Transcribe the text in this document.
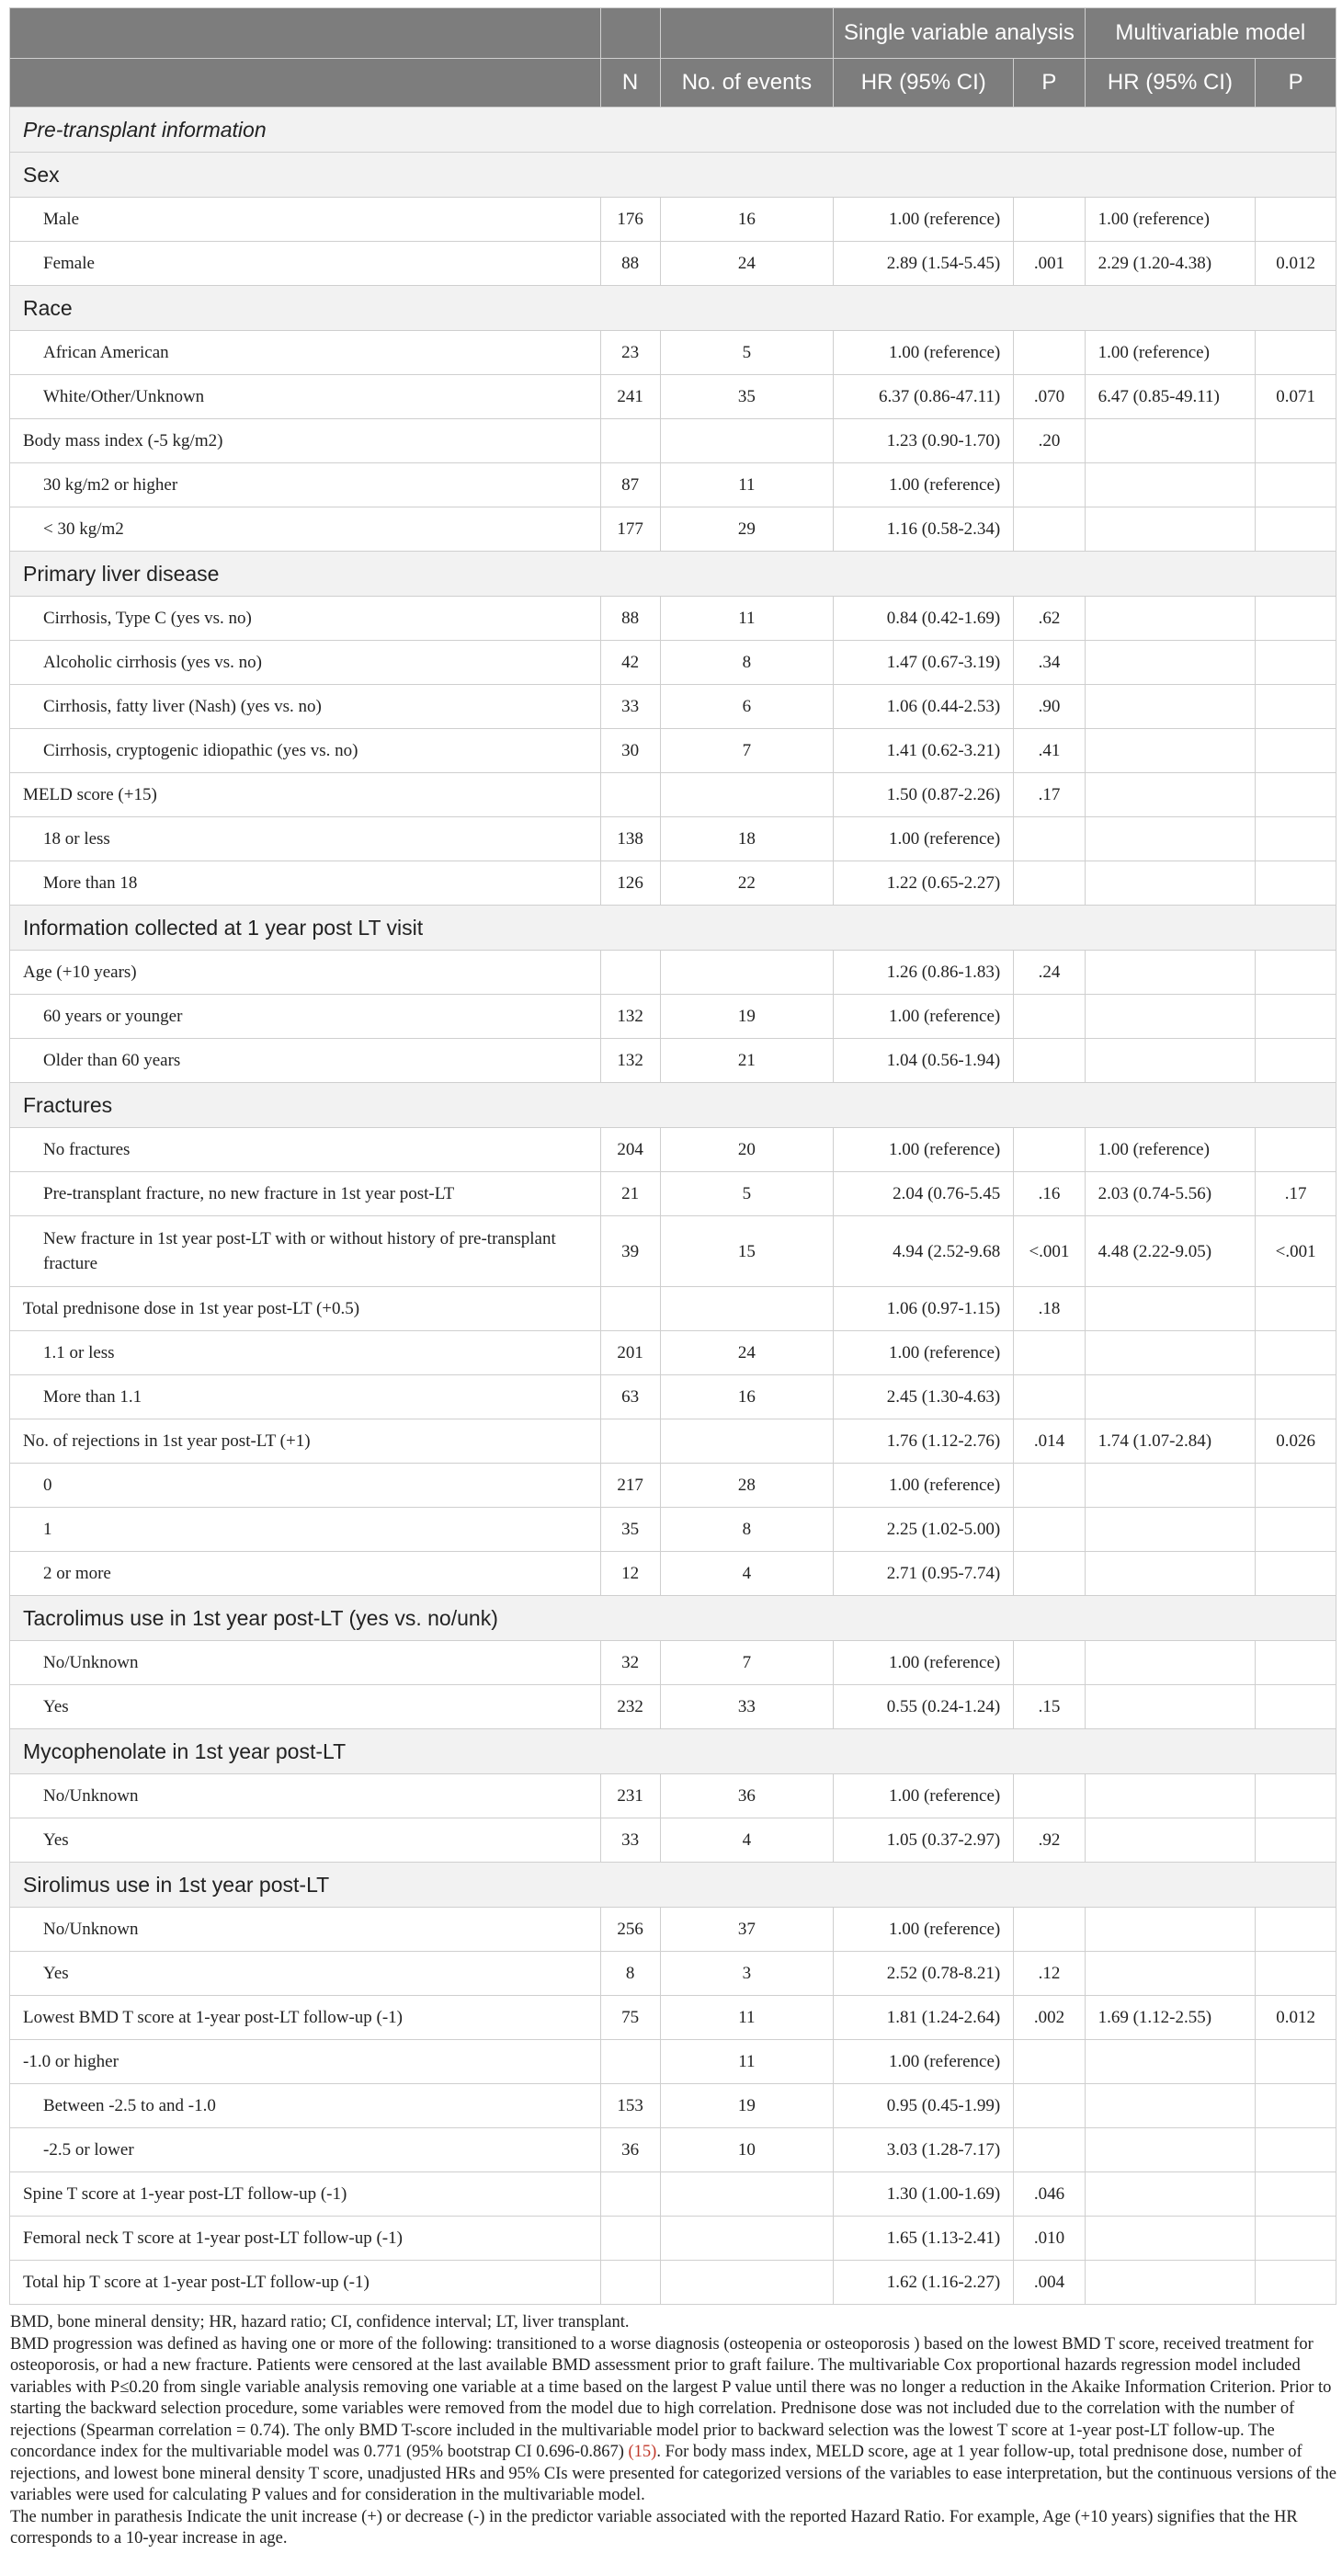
			Single variable analysis		Multivariable model	
	N	No. of events	HR (95% CI)	P	HR (95% CI)	P
Pre-transplant information						
Sex						
Male	176	16	1.00 (reference)		1.00 (reference)	
Female	88	24	2.89 (1.54-5.45)	.001	2.29 (1.20-4.38)	0.012
Race						
African American	23	5	1.00 (reference)		1.00 (reference)	
White/Other/Unknown	241	35	6.37 (0.86-47.11)	.070	6.47 (0.85-49.11)	0.071
Body mass index (-5 kg/m2)			1.23 (0.90-1.70)	.20		
30 kg/m2 or higher	87	11	1.00 (reference)			
< 30 kg/m2	177	29	1.16 (0.58-2.34)			
Primary liver disease						
Cirrhosis, Type C (yes vs. no)	88	11	0.84 (0.42-1.69)	.62		
Alcoholic cirrhosis (yes vs. no)	42	8	1.47 (0.67-3.19)	.34		
Cirrhosis, fatty liver (Nash) (yes vs. no)	33	6	1.06 (0.44-2.53)	.90		
Cirrhosis, cryptogenic idiopathic (yes vs. no)	30	7	1.41 (0.62-3.21)	.41		
MELD score (+15)			1.50 (0.87-2.26)	.17		
18 or less	138	18	1.00 (reference)			
More than 18	126	22	1.22 (0.65-2.27)			
Information collected at 1 year post LT visit						
Age (+10 years)			1.26 (0.86-1.83)	.24		
60 years or younger	132	19	1.00 (reference)			
Older than 60 years	132	21	1.04 (0.56-1.94)			
Fractures						
No fractures	204	20	1.00 (reference)		1.00 (reference)	
Pre-transplant fracture, no new fracture in 1st year post-LT	21	5	2.04 (0.76-5.45	.16	2.03 (0.74-5.56)	.17
New fracture in 1st year post-LT with or without history of pre-transplant fracture	39	15	4.94 (2.52-9.68	<.001	4.48 (2.22-9.05)	<.001
Total prednisone dose in 1st year post-LT (+0.5)			1.06 (0.97-1.15)	.18		
1.1 or less	201	24	1.00 (reference)			
More than 1.1	63	16	2.45 (1.30-4.63)			
No. of rejections in 1st year post-LT (+1)			1.76 (1.12-2.76)	.014	1.74 (1.07-2.84)	0.026
0	217	28	1.00 (reference)			
1	35	8	2.25 (1.02-5.00)			
2 or more	12	4	2.71 (0.95-7.74)			
Tacrolimus use in 1st year post-LT (yes vs. no/unk)						
No/Unknown	32	7	1.00 (reference)			
Yes	232	33	0.55 (0.24-1.24)	.15		
Mycophenolate in 1st year post-LT						
No/Unknown	231	36	1.00 (reference)			
Yes	33	4	1.05 (0.37-2.97)	.92		
Sirolimus use in 1st year post-LT						
No/Unknown	256	37	1.00 (reference)			
Yes	8	3	2.52 (0.78-8.21)	.12		
Lowest BMD T score at 1-year post-LT follow-up (-1)	75	11	1.81 (1.24-2.64)	.002	1.69 (1.12-2.55)	0.012
-1.0 or higher		11	1.00 (reference)			
Between -2.5 to and -1.0	153	19	0.95 (0.45-1.99)			
-2.5 or lower	36	10	3.03 (1.28-7.17)			
Spine T score at 1-year post-LT follow-up (-1)			1.30 (1.00-1.69)	.046		
Femoral neck T score at 1-year post-LT follow-up (-1)			1.65 (1.13-2.41)	.010		
Total hip T score at 1-year post-LT follow-up (-1)			1.62 (1.16-2.27)	.004		

BMD, bone mineral density; HR, hazard ratio; CI, confidence interval; LT, liver transplant.

BMD progression was defined as having one or more of the following: transitioned to a worse diagnosis (osteopenia or osteoporosis ) based on the lowest BMD T score, received treatment for osteoporosis, or had a new fracture. Patients were censored at the last available BMD assessment prior to graft failure. The multivariable Cox proportional hazards regression model included variables with P≤0.20 from single variable analysis removing one variable at a time based on the largest P value until there was no longer a reduction in the Akaike Information Criterion. Prior to starting the backward selection procedure, some variables were removed from the model due to high correlation. Prednisone dose was not included due to the correlation with the number of rejections (Spearman correlation = 0.74). The only BMD T-score included in the multivariable model prior to backward selection was the lowest T score at 1-year post-LT follow-up. The concordance index for the multivariable model was 0.771 (95% bootstrap CI 0.696-0.867) (15). For body mass index, MELD score, age at 1 year follow-up, total prednisone dose, number of rejections, and lowest bone mineral density T score, unadjusted HRs and 95% CIs were presented for categorized versions of the variables to ease interpretation, but the continuous versions of the variables were used for calculating P values and for consideration in the multivariable model.

The number in parathesis Indicate the unit increase (+) or decrease (-) in the predictor variable associated with the reported Hazard Ratio. For example, Age (+10 years) signifies that the HR corresponds to a 10-year increase in age.
